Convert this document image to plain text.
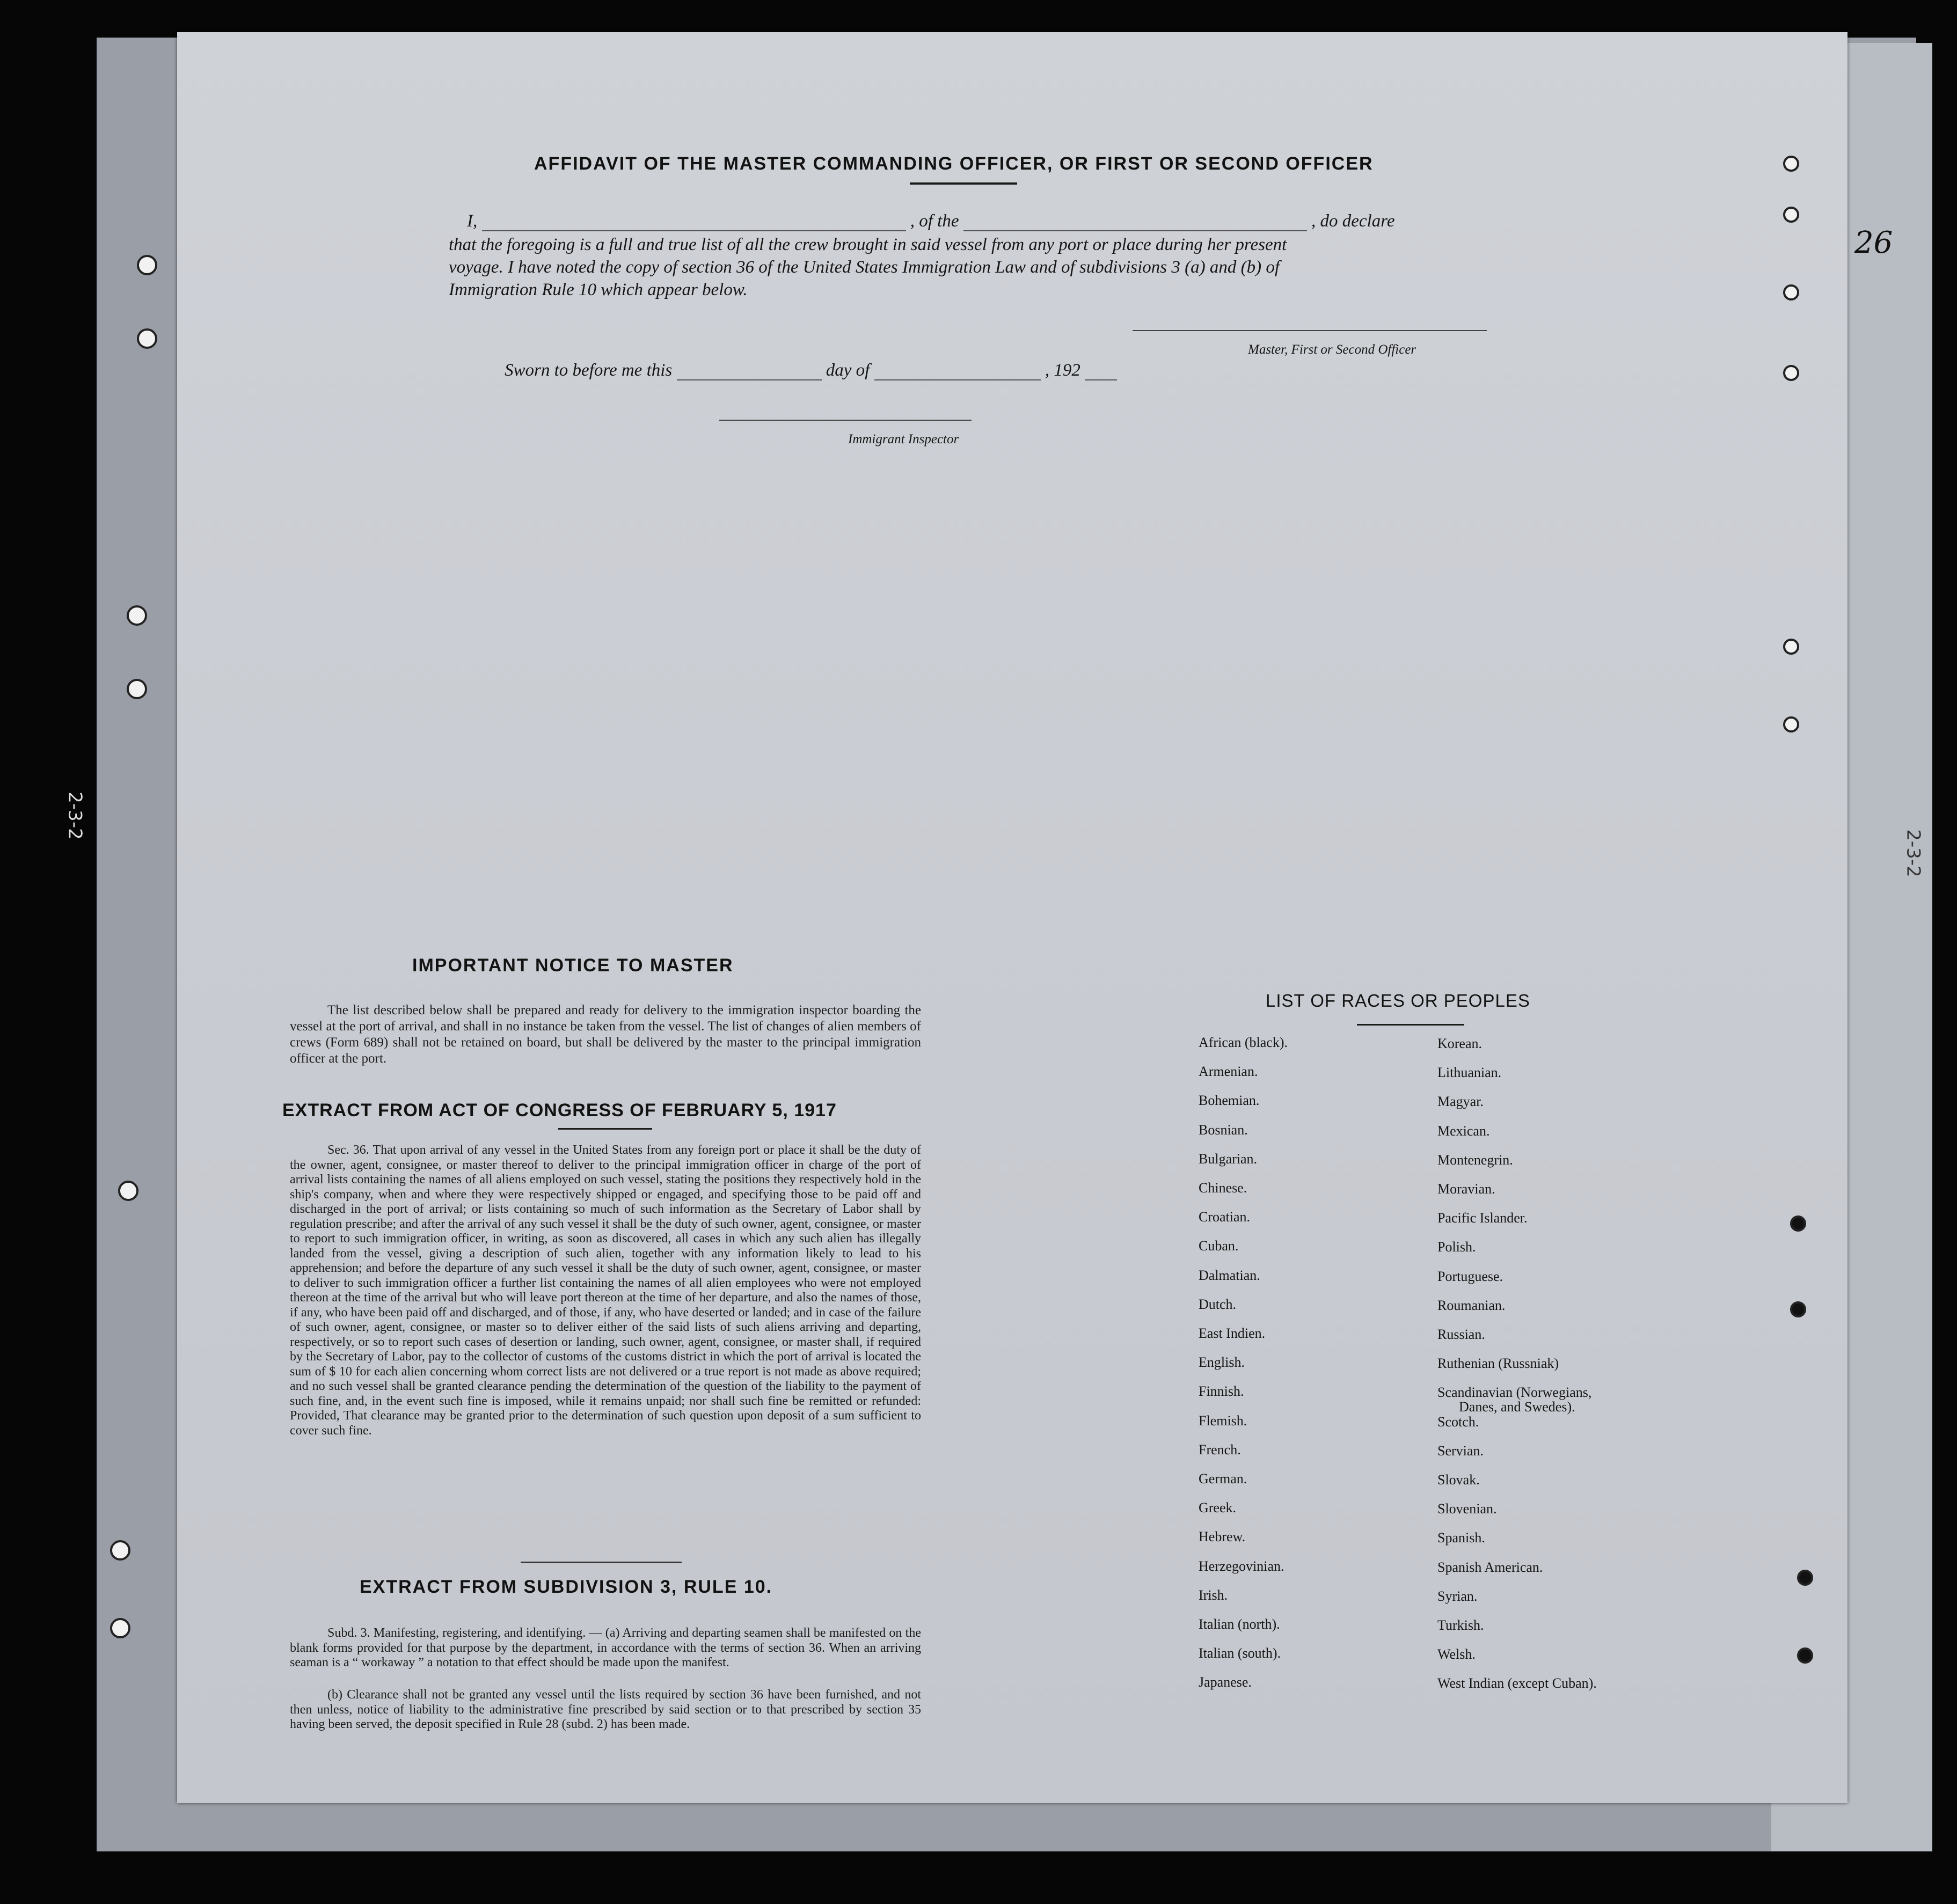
2-3-2
2-3-2
26
AFFIDAVIT OF THE MASTER COMMANDING OFFICER, OR FIRST OR SECOND OFFICER
I,	, of the	, do declare
that the foregoing is a full and true list of all the crew brought in said vessel from any port or place during her present
voyage. I have noted the copy of section 36 of the United States Immigration Law and of subdivisions 3 (a) and (b) of
Immigration Rule 10 which appear below.
Master, First or Second Officer
Sworn to before me this	day of	, 192
Immigrant Inspector
IMPORTANT NOTICE TO MASTER
The list described below shall be prepared and ready for delivery to the immigration inspector boarding the vessel at the port of arrival, and shall in no instance be taken from the vessel. The list of changes of alien members of crews (Form 689) shall not be retained on board, but shall be delivered by the master to the principal immigration officer at the port.
EXTRACT FROM ACT OF CONGRESS OF FEBRUARY 5, 1917
Sec. 36. That upon arrival of any vessel in the United States from any foreign port or place it shall be the duty of the owner, agent, consignee, or master thereof to deliver to the principal immigration officer in charge of the port of arrival lists containing the names of all aliens employed on such vessel, stating the positions they respectively hold in the ship's company, when and where they were respectively shipped or engaged, and specifying those to be paid off and discharged in the port of arrival; or lists containing so much of such information as the Secretary of Labor shall by regulation prescribe; and after the arrival of any such vessel it shall be the duty of such owner, agent, consignee, or master to report to such immigration officer, in writing, as soon as discovered, all cases in which any such alien has illegally landed from the vessel, giving a description of such alien, together with any information likely to lead to his apprehension; and before the departure of any such vessel it shall be the duty of such owner, agent, consignee, or master to deliver to such immigration officer a further list containing the names of all alien employees who were not employed thereon at the time of the arrival but who will leave port thereon at the time of her departure, and also the names of those, if any, who have been paid off and discharged, and of those, if any, who have deserted or landed; and in case of the failure of such owner, agent, consignee, or master so to deliver either of the said lists of such aliens arriving and departing, respectively, or so to report such cases of desertion or landing, such owner, agent, consignee, or master shall, if required by the Secretary of Labor, pay to the collector of customs of the customs district in which the port of arrival is located the sum of $ 10 for each alien concerning whom correct lists are not delivered or a true report is not made as above required; and no such vessel shall be granted clearance pending the determination of the question of the liability to the payment of such fine, and, in the event such fine is imposed, while it remains unpaid; nor shall such fine be remitted or refunded: Provided, That clearance may be granted prior to the determination of such question upon deposit of a sum sufficient to cover such fine.
EXTRACT FROM SUBDIVISION 3, RULE 10.
Subd. 3. Manifesting, registering, and identifying. — (a) Arriving and departing seamen shall be manifested on the blank forms provided for that purpose by the department, in accordance with the terms of section 36. When an arriving seaman is a “ workaway ” a notation to that effect should be made upon the manifest.
(b) Clearance shall not be granted any vessel until the lists required by section 36 have been furnished, and not then unless, notice of liability to the administrative fine prescribed by said section or to that prescribed by section 35 having been served, the deposit specified in Rule 28 (subd. 2) has been made.
LIST OF RACES OR PEOPLES
African (black).
Armenian.
Bohemian.
Bosnian.
Bulgarian.
Chinese.
Croatian.
Cuban.
Dalmatian.
Dutch.
East Indien.
English.
Finnish.
Flemish.
French.
German.
Greek.
Hebrew.
Herzegovinian.
Irish.
Italian (north).
Italian (south).
Japanese.
Korean.
Lithuanian.
Magyar.
Mexican.
Montenegrin.
Moravian.
Pacific Islander.
Polish.
Portuguese.
Roumanian.
Russian.
Ruthenian (Russniak)
Scandinavian (Norwegians,
Danes, and Swedes).
Scotch.
Servian.
Slovak.
Slovenian.
Spanish.
Spanish American.
Syrian.
Turkish.
Welsh.
West Indian (except Cuban).
